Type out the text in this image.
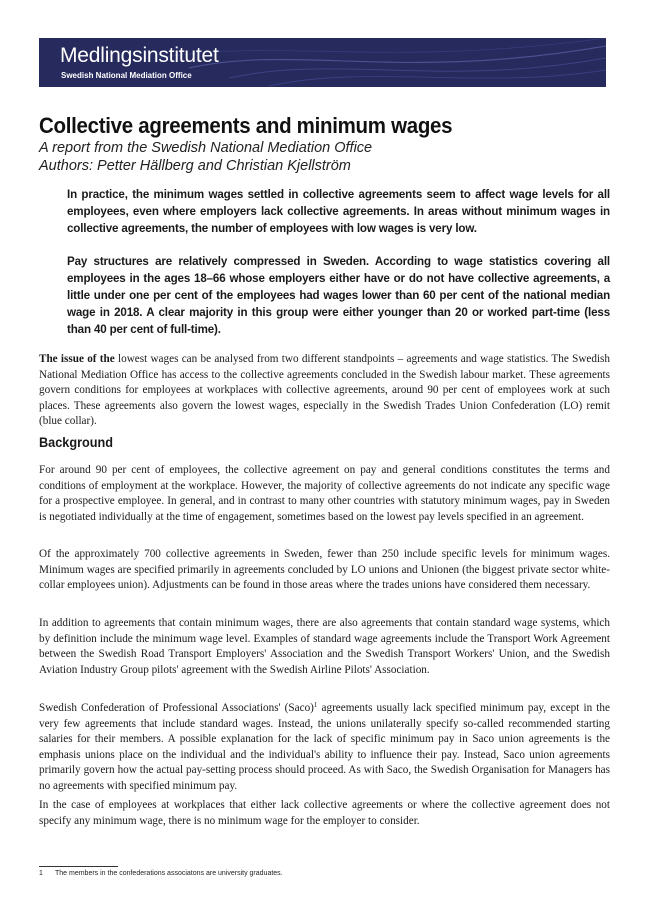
Medlingsinstitutet
Swedish National Mediation Office
Collective agreements and minimum wages
A report from the Swedish National Mediation Office
Authors: Petter Hällberg and Christian Kjellström

In practice, the minimum wages settled in collective agreements seem to affect wage levels for all employees, even where employers lack collective agreements. In areas without minimum wages in collective agreements, the number of employees with low wages is very low.

Pay structures are relatively compressed in Sweden. According to wage statistics covering all employees in the ages 18–66 whose employers either have or do not have collective agreements, a little under one per cent of the employees had wages lower than 60 per cent of the national median wage in 2018. A clear majority in this group were either younger than 20 or worked part-time (less than 40 per cent of full-time).

The issue of the lowest wages can be analysed from two different standpoints – agreements and wage statistics. The Swedish National Mediation Office has access to the collective agreements concluded in the Swedish labour market. These agreements govern conditions for employees at workplaces with collective agreements, around 90 per cent of employees work at such places. These agreements also govern the lowest wages, especially in the Swedish Trades Union Confederation (LO) remit (blue collar).

Background

For around 90 per cent of employees, the collective agreement on pay and general conditions constitutes the terms and conditions of employment at the workplace. However, the majority of collective agreements do not indicate any specific wage for a prospective employee. In general, and in contrast to many other countries with statutory minimum wages, pay in Sweden is negotiated individually at the time of engagement, sometimes based on the lowest pay levels specified in an agreement.

Of the approximately 700 collective agreements in Sweden, fewer than 250 include specific levels for minimum wages. Minimum wages are specified primarily in agreements concluded by LO unions and Unionen (the biggest private sector white-collar employees union). Adjustments can be found in those areas where the trades unions have considered them necessary.

In addition to agreements that contain minimum wages, there are also agreements that contain standard wage systems, which by definition include the minimum wage level. Examples of standard wage agreements include the Transport Work Agreement between the Swedish Road Transport Employers' Association and the Swedish Transport Workers' Union, and the Swedish Aviation Industry Group pilots' agreement with the Swedish Airline Pilots' Association.

Swedish Confederation of Professional Associations' (Saco)$^1$ agreements usually lack specified minimum pay, except in the very few agreements that include standard wages. Instead, the unions unilaterally specify so-called recommended starting salaries for their members. A possible explanation for the lack of specific minimum pay in Saco union agreements is the emphasis unions place on the individual and the individual's ability to influence their pay. Instead, Saco union agreements primarily govern how the actual pay-setting process should proceed. As with Saco, the Swedish Organisation for Managers has no agreements with specified minimum pay.

In the case of employees at workplaces that either lack collective agreements or where the collective agreement does not specify any minimum wage, there is no minimum wage for the employer to consider.

1 The members in the confederations associatons are university graduates.
